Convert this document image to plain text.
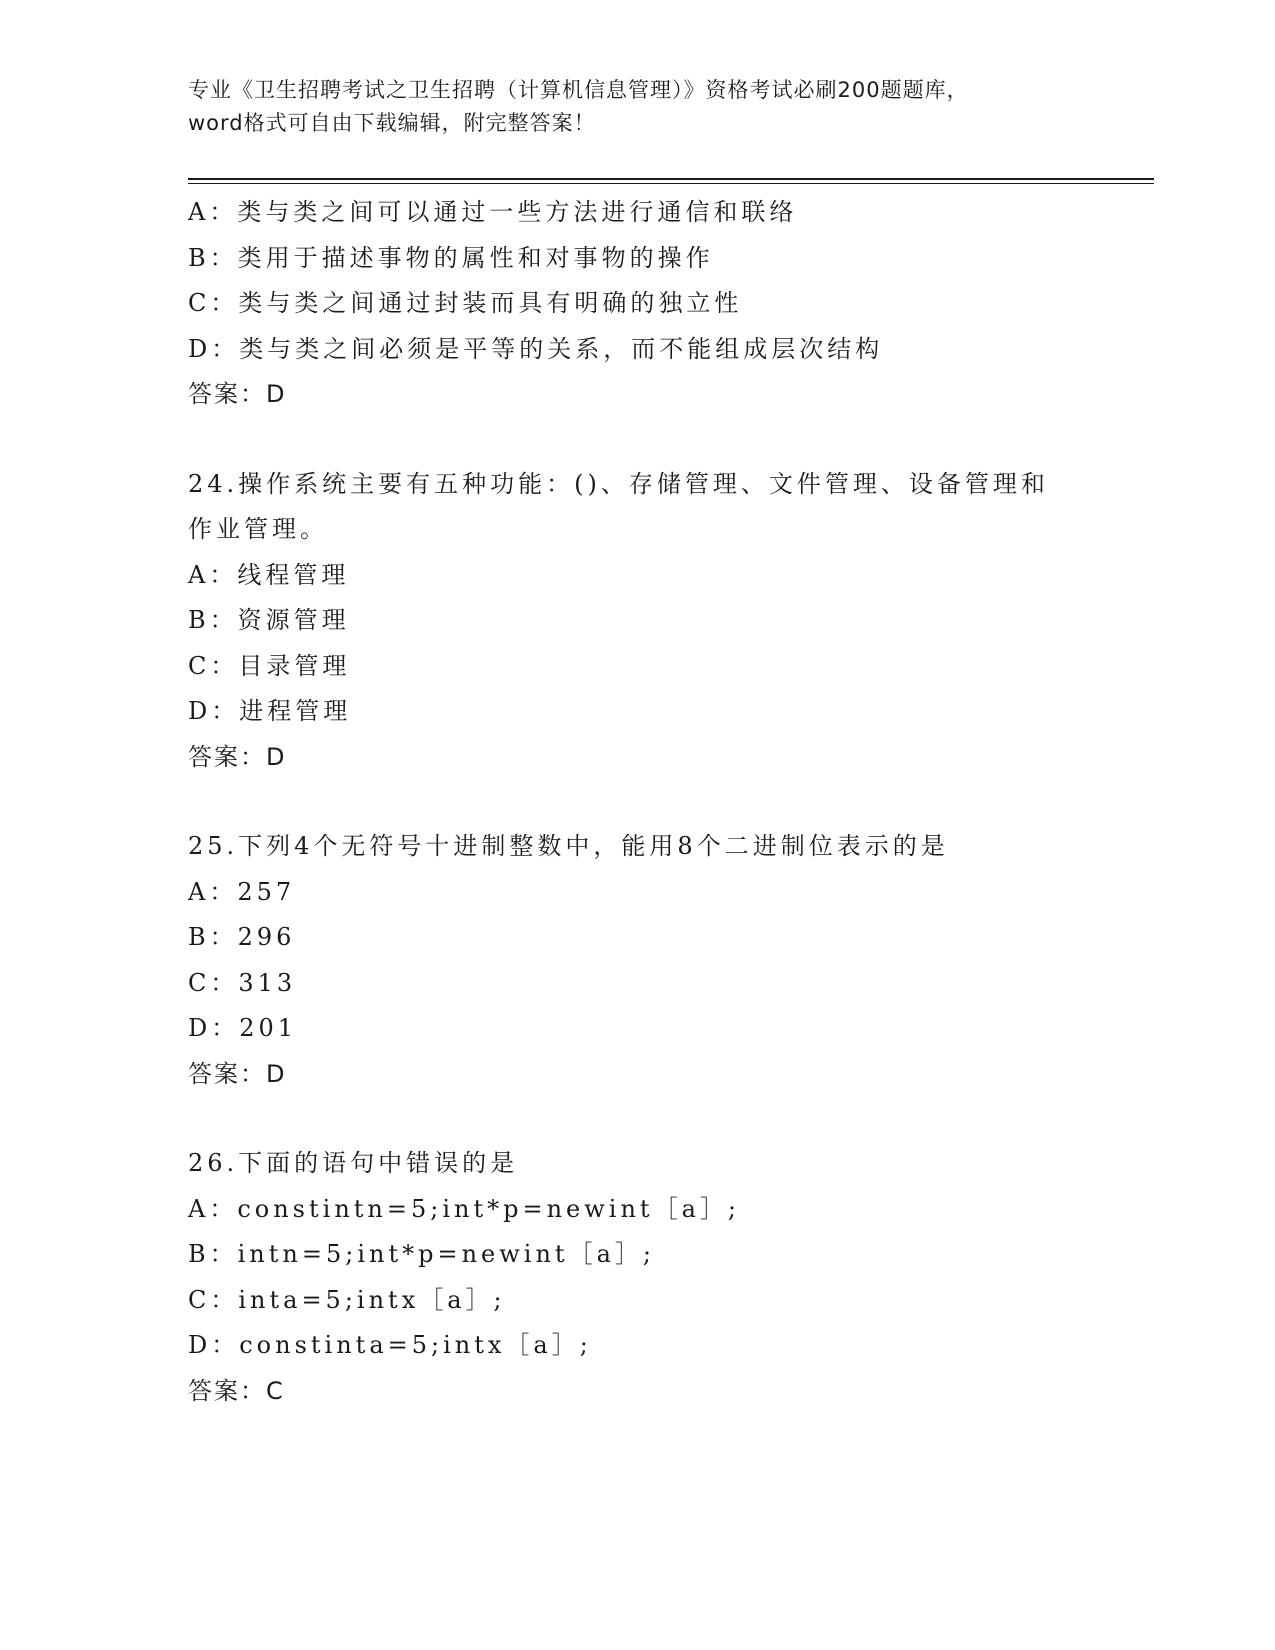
专业《卫生招聘考试之卫生招聘（计算机信息管理）》资格考试必刷200题题库，
word格式可自由下载编辑，附完整答案！
A：类与类之间可以通过一些方法进行通信和联络
B：类用于描述事物的属性和对事物的操作
C：类与类之间通过封装而具有明确的独立性
D：类与类之间必须是平等的关系，而不能组成层次结构
答案：D
24.操作系统主要有五种功能：()、存储管理、文件管理、设备管理和
作业管理。
A：线程管理
B：资源管理
C：目录管理
D：进程管理
答案：D
25.下列4个无符号十进制整数中，能用8个二进制位表示的是
A：257
B：296
C：313
D：201
答案：D
26.下面的语句中错误的是
A：constintn=5;int*p=newint［a］;
B：intn=5;int*p=newint［a］;
C：inta=5;intx［a］;
D：constinta=5;intx［a］;
答案：C
